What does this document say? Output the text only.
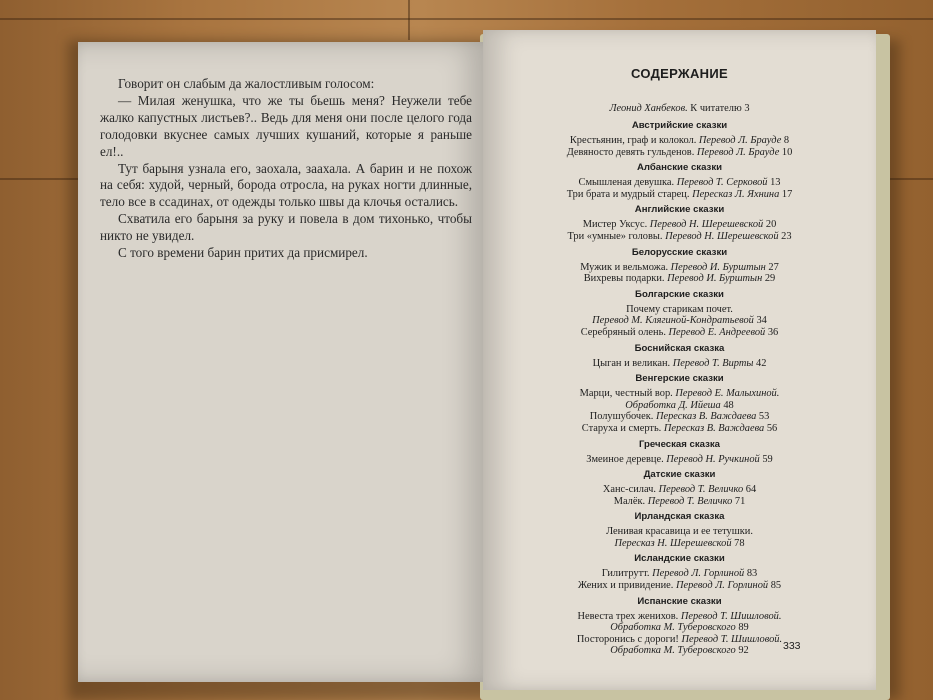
Говорит он слабым да жалостливым голосом:

— Милая женушка, что же ты бьешь меня? Неужели тебе жалко капустных листьев?.. Ведь для меня они после целого года голодовки вкуснее самых лучших кушаний, которые я раньше ел!..

Тут барыня узнала его, заохала, заахала. А барин и не похож на себя: худой, черный, борода отросла, на руках ногти длинные, тело все в ссадинах, от одежды только швы да клочья остались.

Схватила его барыня за руку и повела в дом тихонько, чтобы никто не увидел.

С того времени барин притих да присмирел.

СОДЕРЖАНИЕ
Леонид Ханбеков. К читателю 3
Австрийские сказки
Крестьянин, граф и колокол. Перевод Л. Брауде 8
Девяносто девять гульденов. Перевод Л. Брауде 10
Албанские сказки
Смышленая девушка. Перевод Т. Серковой 13
Три брата и мудрый старец. Пересказ Л. Яхнина 17
Английские сказки
Мистер Уксус. Перевод Н. Шерешевской 20
Три «умные» головы. Перевод Н. Шерешевской 23
Белорусские сказки
Мужик и вельможа. Перевод И. Бурштын 27
Вихревы подарки. Перевод И. Бурштын 29
Болгарские сказки
Почему старикам почет.
Перевод М. Клягиной-Кондратьевой 34
Серебряный олень. Перевод Е. Андреевой 36
Боснийская сказка
Цыган и великан. Перевод Т. Вирты 42
Венгерские сказки
Марци, честный вор. Перевод Е. Малыхиной.
Обработка Д. Ийеша 48
Полушубочек. Пересказ В. Важдаева 53
Старуха и смерть. Пересказ В. Важдаева 56
Греческая сказка
Змеиное деревце. Перевод Н. Ручкиной 59
Датские сказки
Ханс-силач. Перевод Т. Величко 64
Малёк. Перевод Т. Величко 71
Ирландская сказка
Ленивая красавица и ее тетушки.
Пересказ Н. Шерешевской 78
Исландские сказки
Гилитрутт. Перевод Л. Горлиной 83
Жених и привидение. Перевод Л. Горлиной 85
Испанские сказки
Невеста трех женихов. Перевод Т. Шишловой.
Обработка М. Туберовского 89
Посторонись с дороги! Перевод Т. Шишловой.
Обработка М. Туберовского 92	333
